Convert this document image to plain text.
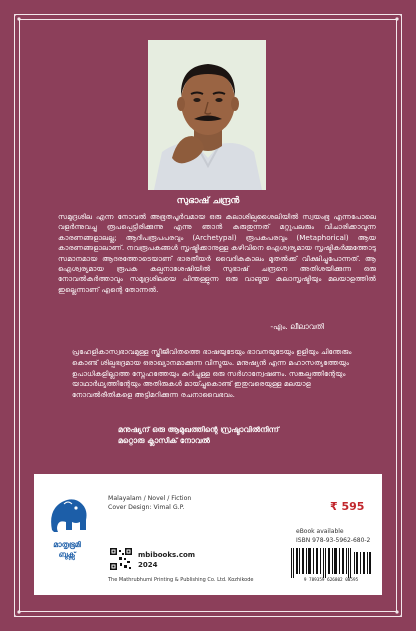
സുഭാഷ് ചന്ദ്രൻ
സമുദ്രശില എന്ന നോവൽ അഭൂതപൂർവമായ ഒരു കലാശില്പശൈലിയിൽ സ്വയംഭൂ എന്നപോലെ വളർന്നുവച്ചു രൂപപ്പെട്ടിരിക്കുന്നു എന്നു ഞാൻ കരുതുന്നത് മറ്റുപലരും വിചാരിക്കാവുന്ന കാരണങ്ങളാലല്ല; ആദിപരൂപപരവും (Archetypal) രൂപകപരവും (Metaphorical) ആയ കാരണങ്ങളാലാണ്. നവരൂപകങ്ങൾ സൃഷ്ടിക്കാനുള്ള കഴിവിനെ ഐശ്വര്യമായ സൃഷ്ടികർമ്മത്തോടു സമാനമായ ആദരത്തോടെയാണ് ഭാരതീയർ വൈദികകാലം മുതൽക്ക് വീക്ഷിച്ചുപോന്നത്. ആ ഐശ്വര്യമായ രൂപക കല്പനാശേഷിയിൽ സുഭാഷ് ചന്ദ്രനെ അതിശയിക്കുന്ന ഒരു നോവൽകർത്താവും സമുദ്രശിലയെ പിന്തള്ളുന്ന ഒരു വാങ്മയ കലാസൃഷ്ടിയും മലയാളത്തിൽ ഇല്ലെന്നാണ് എന്റെ തോന്നൽ.
-എം. ലീലാവതി
പ്രഹേളികാസ്വഭാവമുള്ള സ്ത്രീജീവിതത്തെ ഭാഷയുടേയും ഭാവനയുടേയും ഉളിയും ചിന്തേരും കൊണ്ട് ശില്പഭദ്രമായ ഒരാഖ്യാനമാക്കുന്ന വിസ്മയം. മനുഷ്യൻ എന്ന മഹാസത്യത്തേയും ഉപാധികളില്ലാത്ത സ്നേഹത്തേയും കുറിച്ചുള്ള ഒരു സർഗാന്വേഷണം. സങ്കല്പത്തിന്റേയും യാഥാർഥ്യത്തിന്റേയും അതിരുകൾ മായ്ച്ചുകൊണ്ട് ഇതുവരെയുള്ള മലയാള നോവൽരീതികളെ അട്ടിമറിക്കുന്ന രചനാവൈഭവം.
മനുഷ്യന് ഒരു ആമുഖത്തിന്റെ സ്രഷ്ടാവിൽനിന്ന്
മറ്റൊരു ക്ലാസിക് നോവൽ
മാതൃഭൂമി
ബുക്സ്
Malayalam / Novel / Fiction
Cover Design: Vimal G.P.
mbibooks.com
2024
The Mathrubhumi Printing & Publishing Co. Ltd. Kozhikode
₹ 595
eBook available
ISBN 978-93-5962-680-2
9 789359 626802 00595
